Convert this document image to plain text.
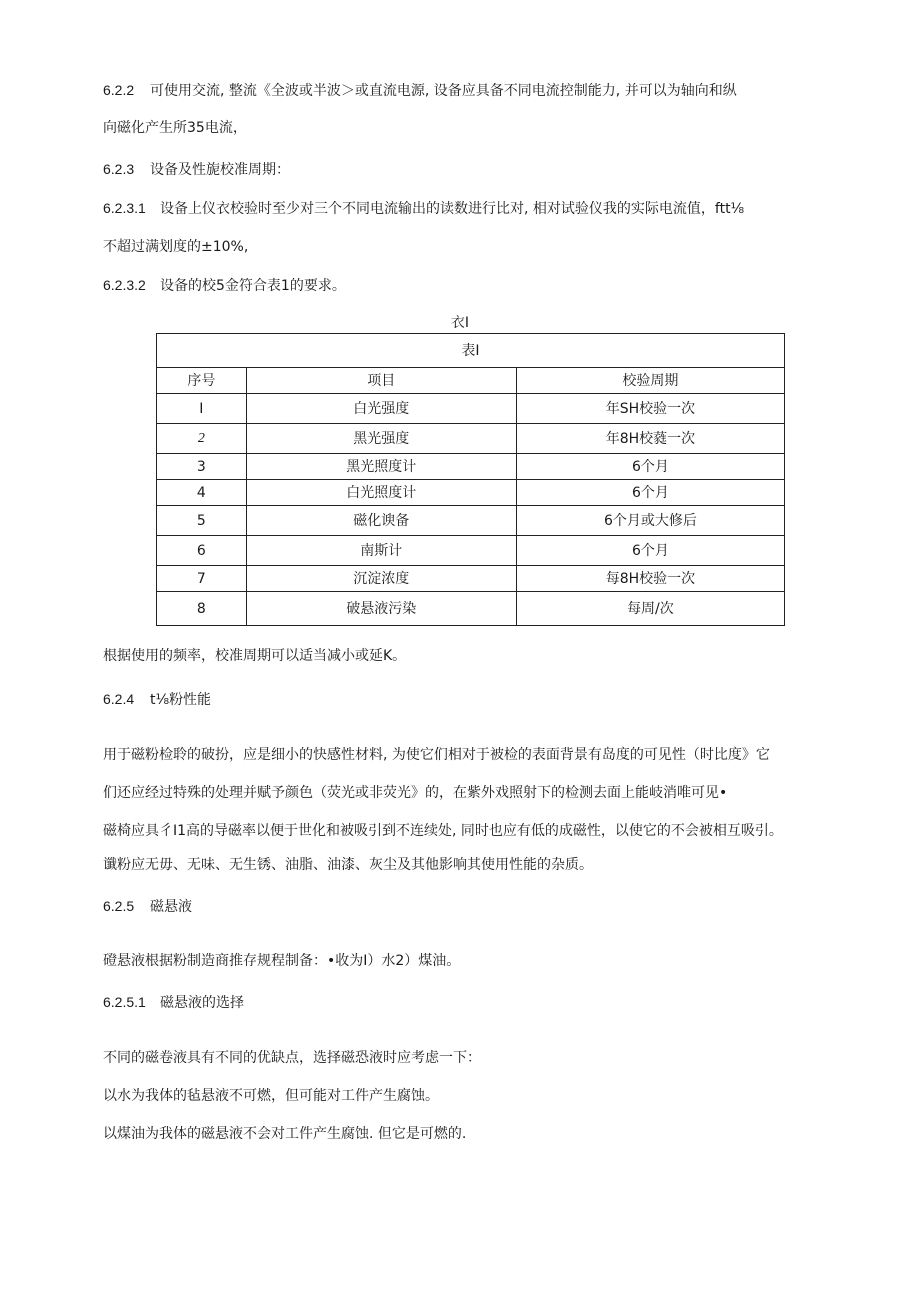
6.2.2 可使用交流, 整流《全波或半波＞或直流电源, 设备应具备不同电流控制能力, 并可以为轴向和纵
向磁化产生所35电流，
6.2.3 设备及性旎校准周期：
6.2.3.1 设备上仪衣校验时至少对三个不同电流输出的读数进行比对, 相对试验仪我的实际电流值，ftt⅛
不超过满划度的±10%,
6.2.3.2 设备的校5金符合表1的要求。
衣I
表I		
序号	项目	校验周期
I	白光强度	年SH校验一次
2	黑光强度	年8H校蕤一次
3	黑光照度计	6个月
4	白光照度计	6个月
5	磁化谀备	6个月或大修后
6	南斯计	6个月
7	沉淀浓度	每8H校验一次
8	破悬液污染	每周/次
根据使用的频率，校准周期可以适当减小或延K。
6.2.4 t⅛粉性能
用于磁粉检聆的破扮，应是细小的快感性材料, 为使它们相对于被检的表面背景有岛度的可见性（时比度》它
们还应经过特殊的处理并赋予颜色（荧光或非荧光》的，在紫外戏照射下的检测去面上能岐消唯可见•
磁椅应具彳I1高的导磁率以便于世化和被吸引到不连续处, 同时也应有低的成磁性，以使它的不会被相互吸引。
谶粉应无毋、无味、无生锈、油脂、油漆、灰尘及其他影响其使用性能的杂质。
6.2.5 磁悬液
磴悬液根据粉制造商推存规程制备：•收为I）水2）煤油。
6.2.5.1 磁悬液的选择
不同的磁卷液具有不同的优缺点，选择磁恐液时应考虑一下：
以水为我体的毡悬液不可燃，但可能对工件产生腐蚀。
以煤油为我体的磁悬液不会对工件产生腐蚀. 但它是可燃的.
